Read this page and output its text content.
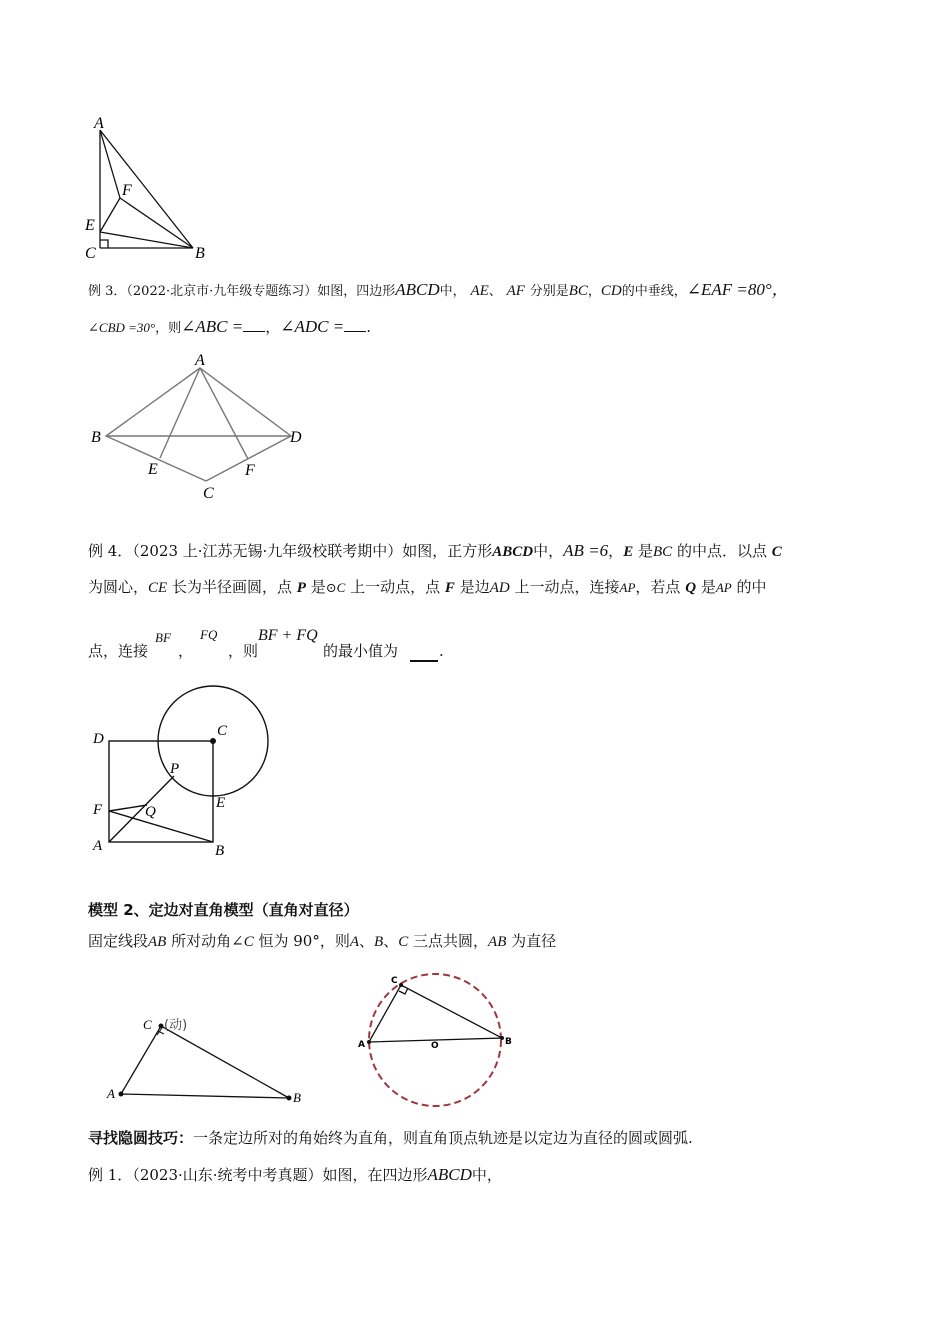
A
F
E
C	B
例 3．（2022·北京市·九年级专题练习）如图，四边形ABCD中， AE、 AF 分别是BC，CD的中垂线，∠EAF =80°，
∠CBD =30°，则∠ABC = ，∠ADC = .
A
B	D
E	F
C
例 4．（2023 上·江苏无锡·九年级校联考期中）如图，正方形ABCD中，AB =6，E 是BC 的中点．以点 C
为圆心，CE 长为半径画圆，点 P 是⊙C 上一动点，点 F 是边AD 上一动点，连接AP，若点 Q 是AP 的中
点，连接
BF
，
FQ
，则
BF + FQ
的最小值为	.
D	C
P
E
F	Q
A	B
模型 2、定边对直角模型（直角对直径）
固定线段AB 所对动角∠C 恒为 90°，则A、B、C 三点共圆，AB 为直径
C (动)
A	B
C
A	O	B
寻找隐圆技巧：一条定边所对的角始终为直角，则直角顶点轨迹是以定边为直径的圆或圆弧.
例 1．（2023·山东·统考中考真题）如图，在四边形ABCD中，
